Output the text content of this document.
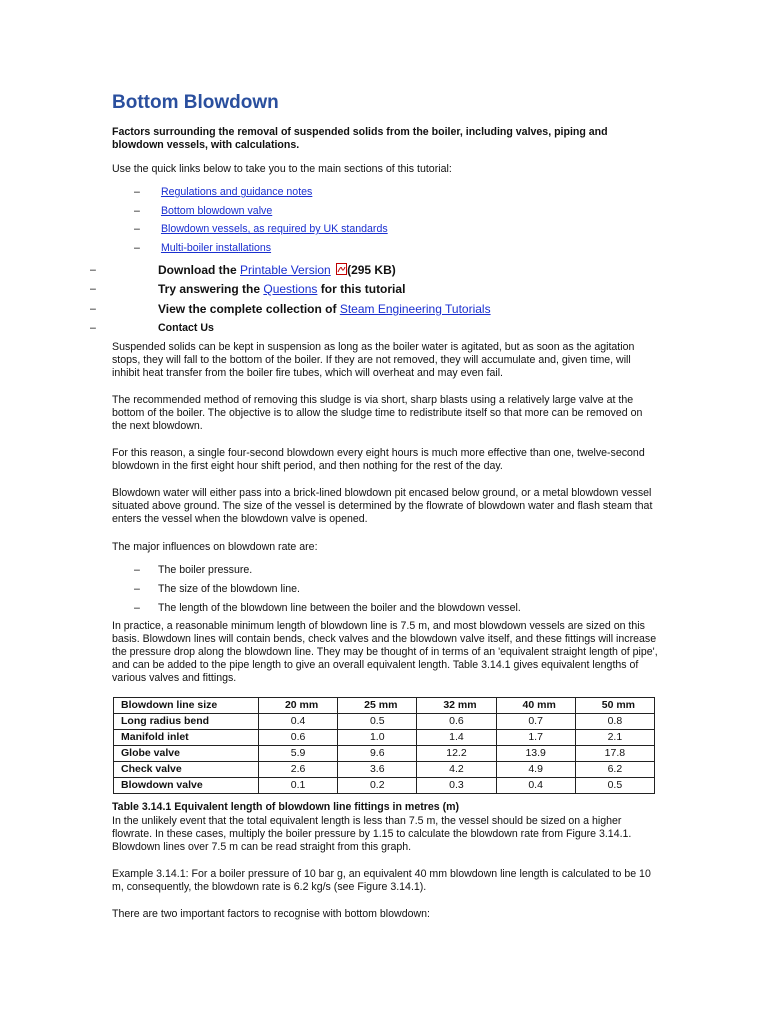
Bottom Blowdown

Factors surrounding the removal of suspended solids from the boiler, including valves, piping and blowdown vessels, with calculations.

Use the quick links below to take you to the main sections of this tutorial:

– Regulations and guidance notes
– Bottom blowdown valve
– Blowdown vessels, as required by UK standards
– Multi-boiler installations
–	Download the Printable Version (295 KB)
–	Try answering the Questions for this tutorial
–	View the complete collection of Steam Engineering Tutorials
–	Contact Us

Suspended solids can be kept in suspension as long as the boiler water is agitated, but as soon as the agitation stops, they will fall to the bottom of the boiler. If they are not removed, they will accumulate and, given time, will inhibit heat transfer from the boiler fire tubes, which will overheat and may even fail.

The recommended method of removing this sludge is via short, sharp blasts using a relatively large valve at the bottom of the boiler. The objective is to allow the sludge time to redistribute itself so that more can be removed on the next blowdown.

For this reason, a single four-second blowdown every eight hours is much more effective than one, twelve-second blowdown in the first eight hour shift period, and then nothing for the rest of the day.

Blowdown water will either pass into a brick-lined blowdown pit encased below ground, or a metal blowdown vessel situated above ground. The size of the vessel is determined by the flowrate of blowdown water and flash steam that enters the vessel when the blowdown valve is opened.

The major influences on blowdown rate are:

– The boiler pressure.
– The size of the blowdown line.
– The length of the blowdown line between the boiler and the blowdown vessel.

In practice, a reasonable minimum length of blowdown line is 7.5 m, and most blowdown vessels are sized on this basis. Blowdown lines will contain bends, check valves and the blowdown valve itself, and these fittings will increase the pressure drop along the blowdown line. They may be thought of in terms of an 'equivalent straight length of pipe', and can be added to the pipe length to give an overall equivalent length. Table 3.14.1 gives equivalent lengths of various valves and fittings.

Blowdown line size	20 mm	25 mm	32 mm	40 mm	50 mm
Long radius bend	0.4	0.5	0.6	0.7	0.8
Manifold inlet	0.6	1.0	1.4	1.7	2.1
Globe valve	5.9	9.6	12.2	13.9	17.8
Check valve	2.6	3.6	4.2	4.9	6.2
Blowdown valve	0.1	0.2	0.3	0.4	0.5
Table 3.14.1 Equivalent length of blowdown line fittings in metres (m)

In the unlikely event that the total equivalent length is less than 7.5 m, the vessel should be sized on a higher flowrate. In these cases, multiply the boiler pressure by 1.15 to calculate the blowdown rate from Figure 3.14.1. Blowdown lines over 7.5 m can be read straight from this graph.

Example 3.14.1: For a boiler pressure of 10 bar g, an equivalent 40 mm blowdown line length is calculated to be 10 m, consequently, the blowdown rate is 6.2 kg/s (see Figure 3.14.1).

There are two important factors to recognise with bottom blowdown:
